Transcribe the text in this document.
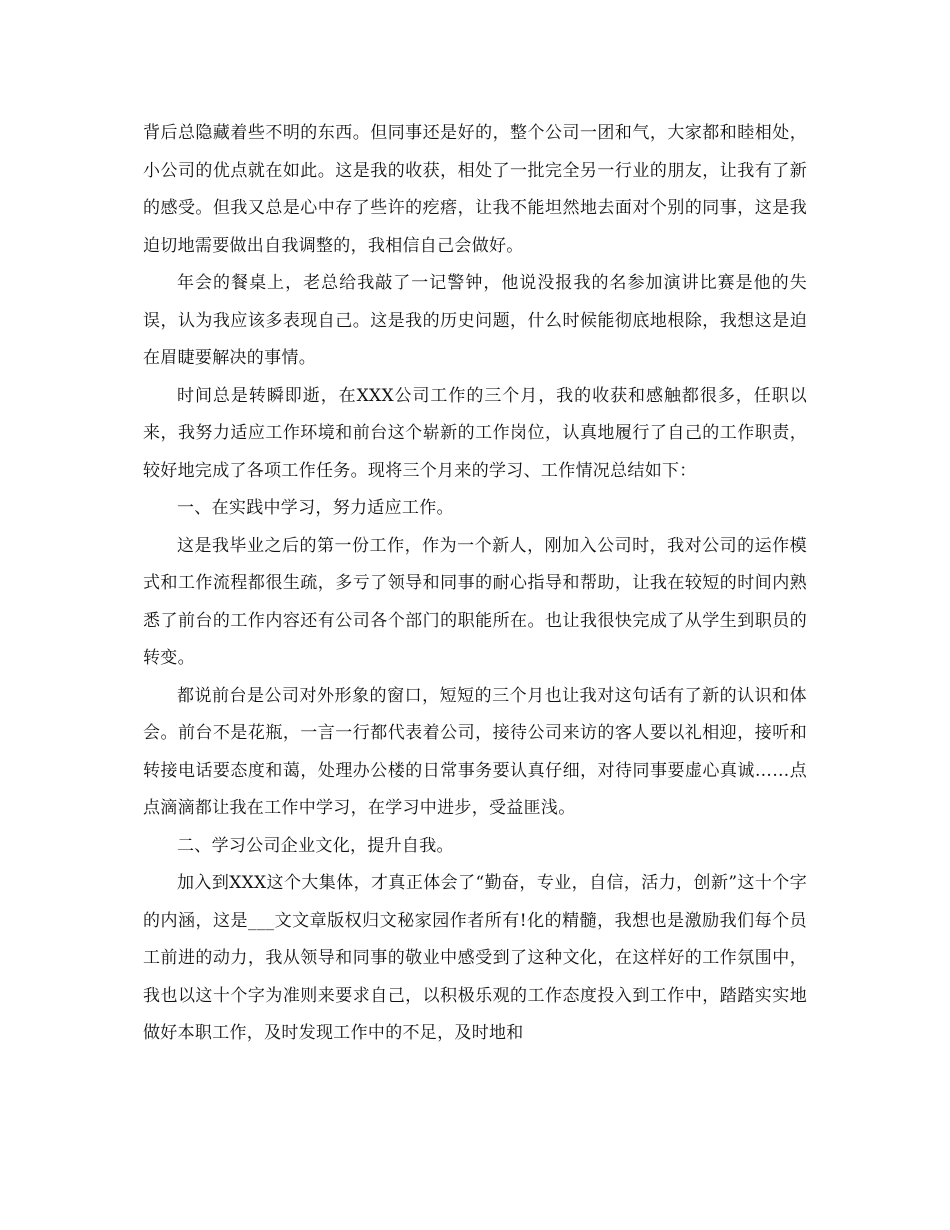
背后总隐藏着些不明的东西。但同事还是好的，整个公司一团和气，大家都和睦相处，小公司的优点就在如此。这是我的收获，相处了一批完全另一行业的朋友，让我有了新的感受。但我又总是心中存了些许的疙瘩，让我不能坦然地去面对个别的同事，这是我迫切地需要做出自我调整的，我相信自己会做好。

年会的餐桌上，老总给我敲了一记警钟，他说没报我的名参加演讲比赛是他的失误，认为我应该多表现自己。这是我的历史问题，什么时候能彻底地根除，我想这是迫在眉睫要解决的事情。

时间总是转瞬即逝，在XXX公司工作的三个月，我的收获和感触都很多，任职以来，我努力适应工作环境和前台这个崭新的工作岗位，认真地履行了自己的工作职责，较好地完成了各项工作任务。现将三个月来的学习、工作情况总结如下：

一、在实践中学习，努力适应工作。

这是我毕业之后的第一份工作，作为一个新人，刚加入公司时，我对公司的运作模式和工作流程都很生疏，多亏了领导和同事的耐心指导和帮助，让我在较短的时间内熟悉了前台的工作内容还有公司各个部门的职能所在。也让我很快完成了从学生到职员的转变。

都说前台是公司对外形象的窗口，短短的三个月也让我对这句话有了新的认识和体会。前台不是花瓶，一言一行都代表着公司，接待公司来访的客人要以礼相迎，接听和转接电话要态度和蔼，处理办公楼的日常事务要认真仔细，对待同事要虚心真诚……点点滴滴都让我在工作中学习，在学习中进步，受益匪浅。

二、学习公司企业文化，提升自我。

加入到XXX这个大集体，才真正体会了“勤奋，专业，自信，活力，创新”这十个字的内涵，这是___文文章版权归文秘家园作者所有!化的精髓，我想也是激励我们每个员工前进的动力，我从领导和同事的敬业中感受到了这种文化，在这样好的工作氛围中，我也以这十个字为准则来要求自己，以积极乐观的工作态度投入到工作中，踏踏实实地做好本职工作，及时发现工作中的不足，及时地和
